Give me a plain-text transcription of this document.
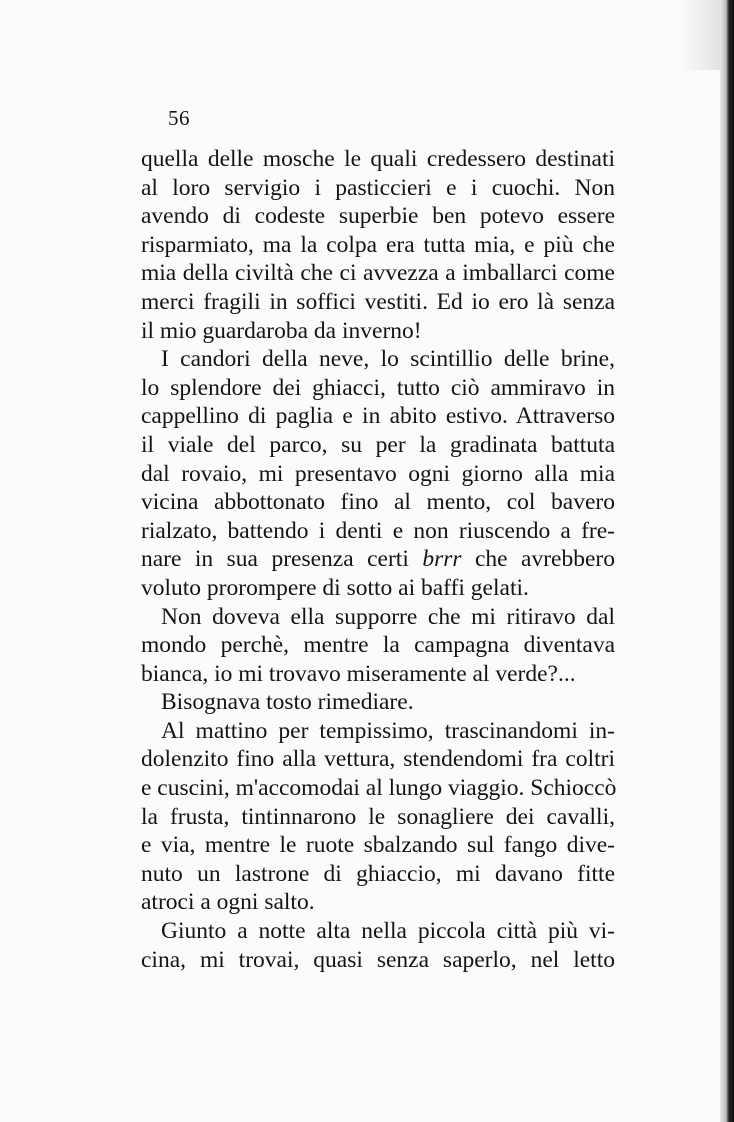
56
quella delle mosche le quali credessero destinati
al loro servigio i pasticcieri e i cuochi. Non
avendo di codeste superbie ben potevo essere
risparmiato, ma la colpa era tutta mia, e più che
mia della civiltà che ci avvezza a imballarci come
merci fragili in soffici vestiti. Ed io ero là senza
il mio guardaroba da inverno!
I candori della neve, lo scintillio delle brine,
lo splendore dei ghiacci, tutto ciò ammiravo in
cappellino di paglia e in abito estivo. Attraverso
il viale del parco, su per la gradinata battuta
dal rovaio, mi presentavo ogni giorno alla mia
vicina abbottonato fino al mento, col bavero
rialzato, battendo i denti e non riuscendo a fre-
nare in sua presenza certi brrr che avrebbero
voluto prorompere di sotto ai baffi gelati.
Non doveva ella supporre che mi ritiravo dal
mondo perchè, mentre la campagna diventava
bianca, io mi trovavo miseramente al verde?...
Bisognava tosto rimediare.
Al mattino per tempissimo, trascinandomi in-
dolenzito fino alla vettura, stendendomi fra coltri
e cuscini, m'accomodai al lungo viaggio. Schioccò
la frusta, tintinnarono le sonagliere dei cavalli,
e via, mentre le ruote sbalzando sul fango dive-
nuto un lastrone di ghiaccio, mi davano fitte
atroci a ogni salto.
Giunto a notte alta nella piccola città più vi-
cina, mi trovai, quasi senza saperlo, nel letto
